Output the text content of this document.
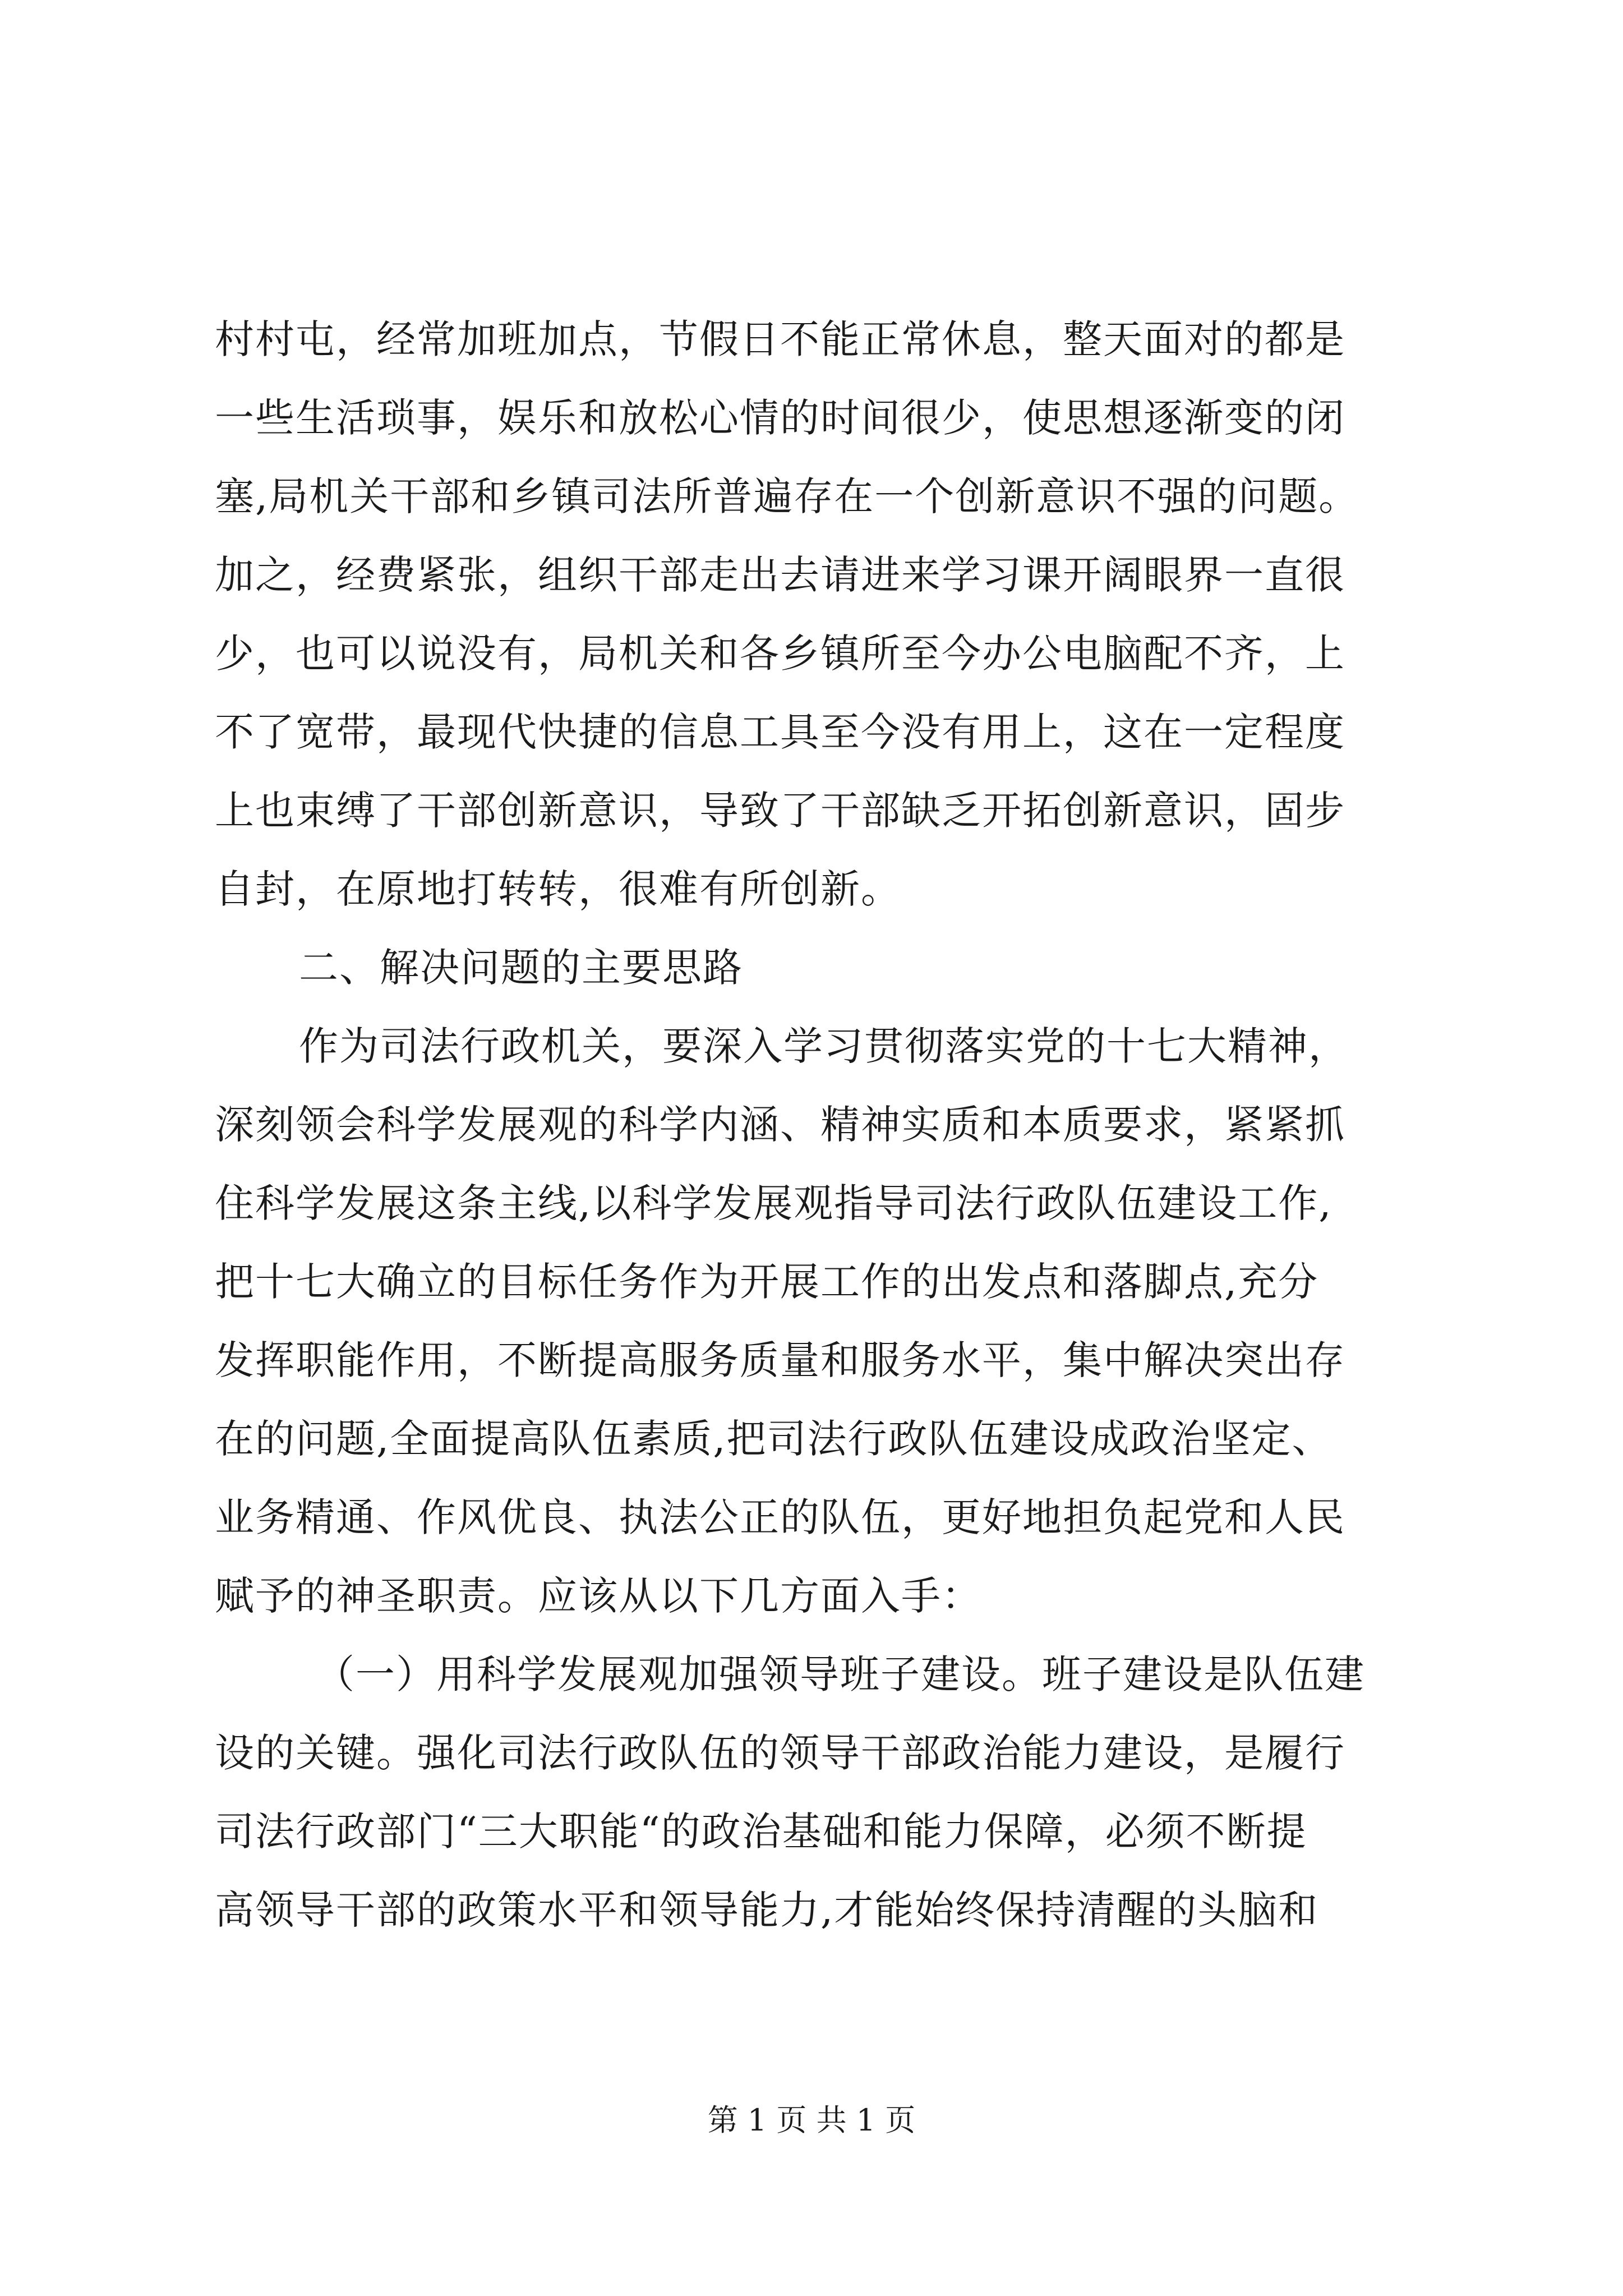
村村屯，经常加班加点，节假日不能正常休息，整天面对的都是
一些生活琐事，娱乐和放松心情的时间很少，使思想逐渐变的闭
塞,局机关干部和乡镇司法所普遍存在一个创新意识不强的问题。
加之，经费紧张，组织干部走出去请进来学习课开阔眼界一直很
少，也可以说没有，局机关和各乡镇所至今办公电脑配不齐，上
不了宽带，最现代快捷的信息工具至今没有用上，这在一定程度
上也束缚了干部创新意识，导致了干部缺乏开拓创新意识，固步
自封，在原地打转转，很难有所创新。
二、解决问题的主要思路
作为司法行政机关，要深入学习贯彻落实党的十七大精神，
深刻领会科学发展观的科学内涵、精神实质和本质要求，紧紧抓
住科学发展这条主线,以科学发展观指导司法行政队伍建设工作,
把十七大确立的目标任务作为开展工作的出发点和落脚点,充分
发挥职能作用，不断提高服务质量和服务水平，集中解决突出存
在的问题,全面提高队伍素质,把司法行政队伍建设成政治坚定、
业务精通、作风优良、执法公正的队伍，更好地担负起党和人民
赋予的神圣职责。应该从以下几方面入手：
（一）用科学发展观加强领导班子建设。班子建设是队伍建
设的关键。强化司法行政队伍的领导干部政治能力建设，是履行
司法行政部门“三大职能“的政治基础和能力保障，必须不断提
高领导干部的政策水平和领导能力,才能始终保持清醒的头脑和
第 1 页 共 1 页
